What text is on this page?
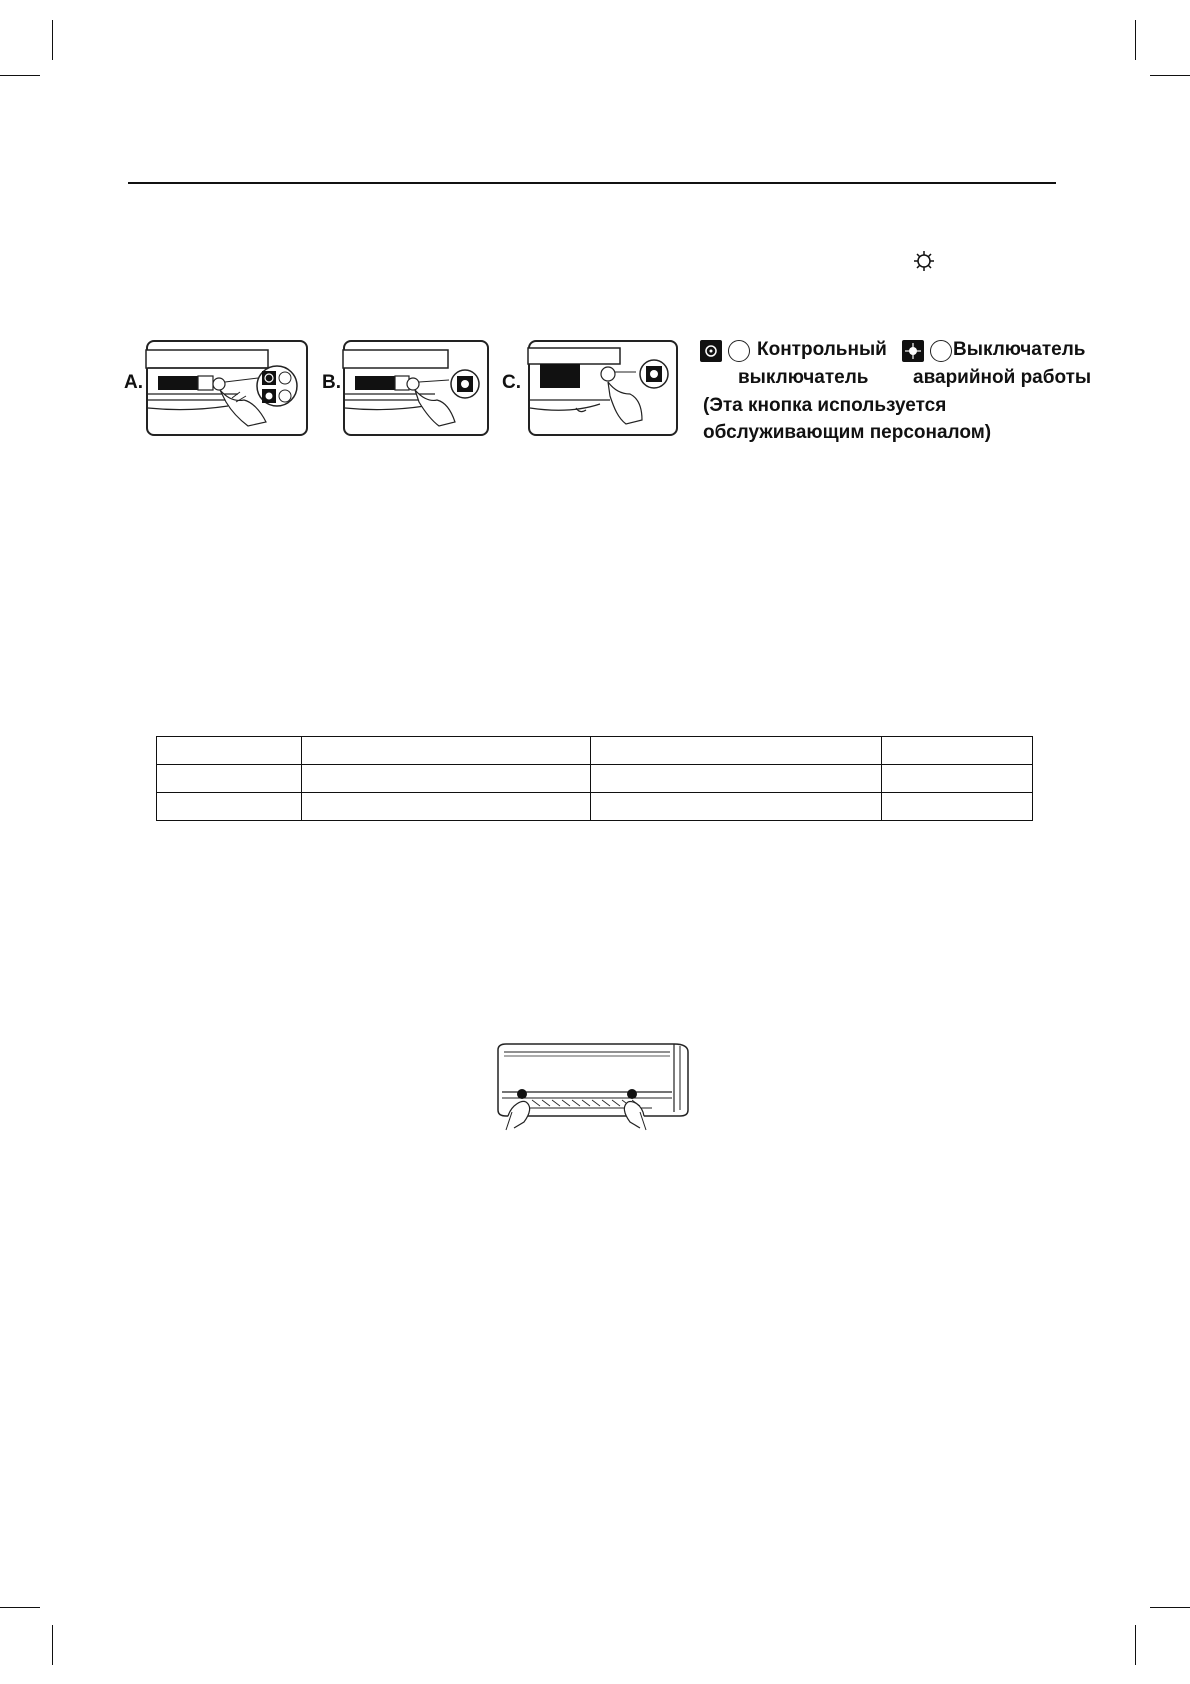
A.	B.	C.
Контрольный
выключатель
Выключатель
аварийной работы
(Эта кнопка используется
обслуживающим персоналом)
